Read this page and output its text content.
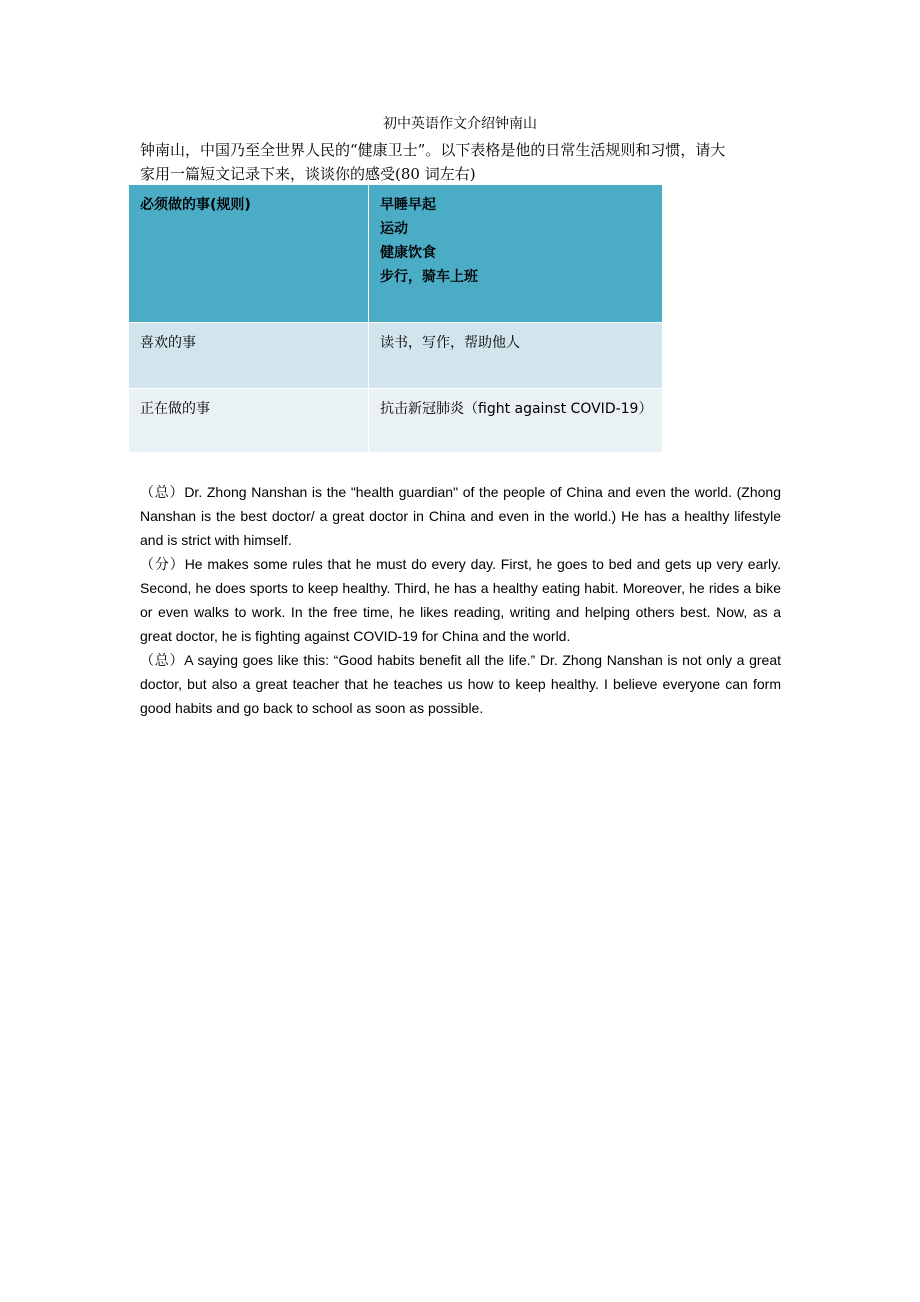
初中英语作文介绍钟南山
钟南山，中国乃至全世界人民的“健康卫士”。以下表格是他的日常生活规则和习惯，请大
家用一篇短文记录下来，谈谈你的感受(80 词左右)
必须做的事(规则)	早睡早起
运动
健康饮食
步行，骑车上班

喜欢的事	读书，写作，帮助他人
正在做的事	抗击新冠肺炎（fight against COVID-19）

（总）Dr. Zhong Nanshan is the "health guardian" of the people of China and even the world. (Zhong Nanshan is the best doctor/ a great doctor in China and even in the world.) He has a healthy lifestyle and is strict with himself.

（分）He makes some rules that he must do every day. First, he goes to bed and gets up very early. Second, he does sports to keep healthy. Third, he has a healthy eating habit. Moreover, he rides a bike or even walks to work. In the free time, he likes reading, writing and helping others best. Now, as a great doctor, he is fighting against COVID-19 for China and the world.

（总）A saying goes like this: “Good habits benefit all the life.” Dr. Zhong Nanshan is not only a great doctor, but also a great teacher that he teaches us how to keep healthy. I believe everyone can form good habits and go back to school as soon as possible.
